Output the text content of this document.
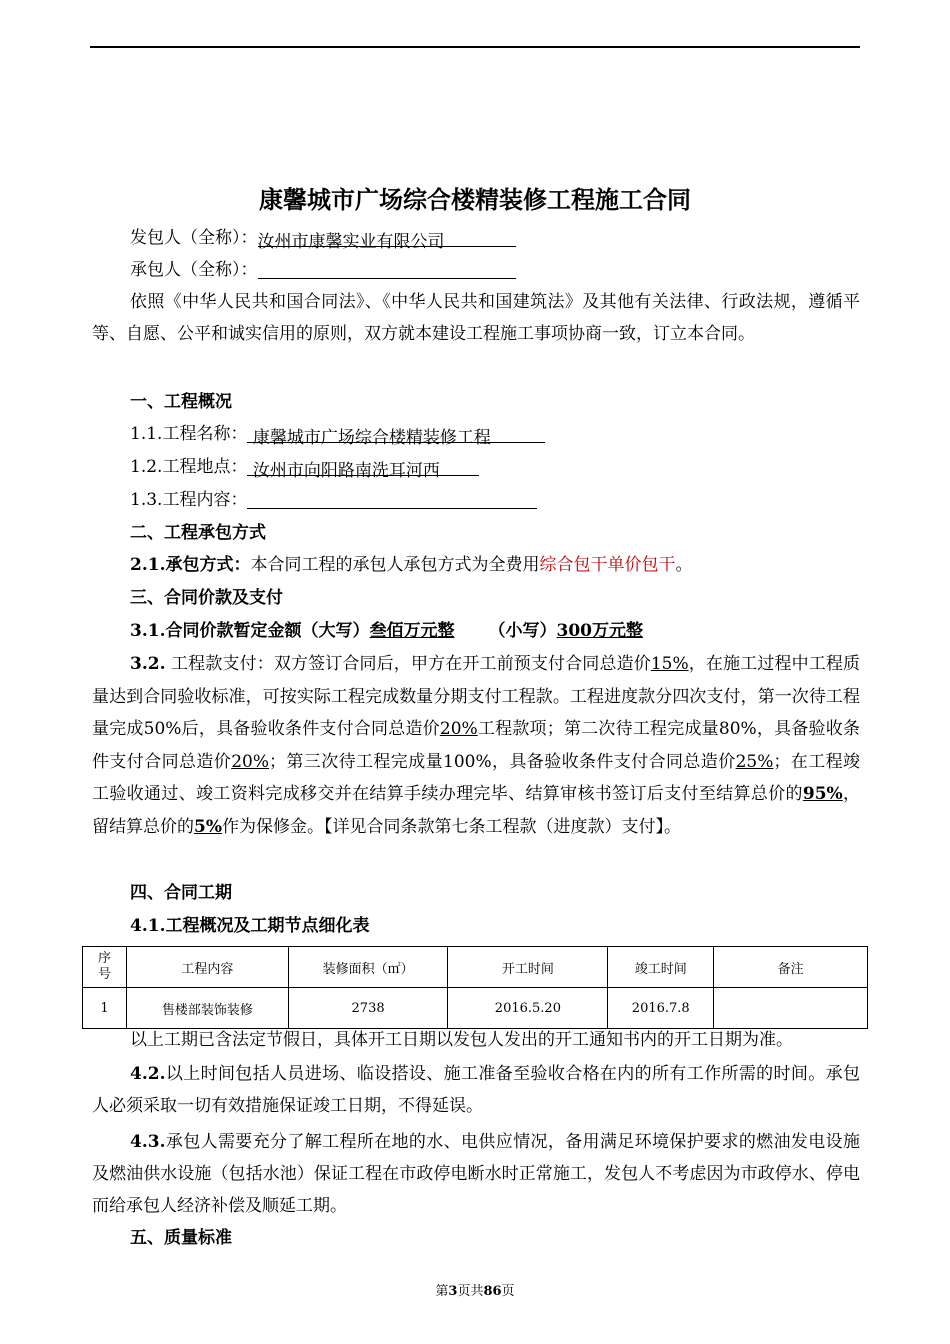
康馨城市广场综合楼精装修工程施工合同
发包人（全称）：汝州市康馨实业有限公司
承包人（全称）：
依照《中华人民共和国合同法》、《中华人民共和国建筑法》及其他有关法律、行政法规，遵循平等、自愿、公平和诚实信用的原则，双方就本建设工程施工事项协商一致，订立本合同。
一、工程概况
1.1.工程名称： 康馨城市广场综合楼精装修工程
1.2.工程地点： 汝州市向阳路南洗耳河西
1.3.工程内容：
二、工程承包方式
2.1.承包方式：本合同工程的承包人承包方式为全费用综合包干单价包干。
三、合同价款及支付
3.1.合同价款暂定金额（大写）叁佰万元整 （小写）300万元整
3.2. 工程款支付：双方签订合同后，甲方在开工前预支付合同总造价15%，在施工过程中工程质量达到合同验收标准，可按实际工程完成数量分期支付工程款。工程进度款分四次支付，第一次待工程量完成50%后，具备验收条件支付合同总造价20%工程款项；第二次待工程完成量80%，具备验收条件支付合同总造价20%；第三次待工程完成量100%，具备验收条件支付合同总造价25%；在工程竣工验收通过、竣工资料完成移交并在结算手续办理完毕、结算审核书签订后支付至结算总价的95%，留结算总价的5%作为保修金。【详见合同条款第七条工程款（进度款）支付】。
四、合同工期
4.1.工程概况及工期节点细化表
序号	工程内容	装修面积（㎡）	开工时间	竣工时间	备注
1	售楼部装饰装修	2738	2016.5.20	2016.7.8	
以上工期已含法定节假日，具体开工日期以发包人发出的开工通知书内的开工日期为准。
4.2.以上时间包括人员进场、临设搭设、施工准备至验收合格在内的所有工作所需的时间。承包人必须采取一切有效措施保证竣工日期，不得延误。
4.3.承包人需要充分了解工程所在地的水、电供应情况，备用满足环境保护要求的燃油发电设施及燃油供水设施（包括水池）保证工程在市政停电断水时正常施工，发包人不考虑因为市政停水、停电而给承包人经济补偿及顺延工期。
五、质量标准
第3页共86页
